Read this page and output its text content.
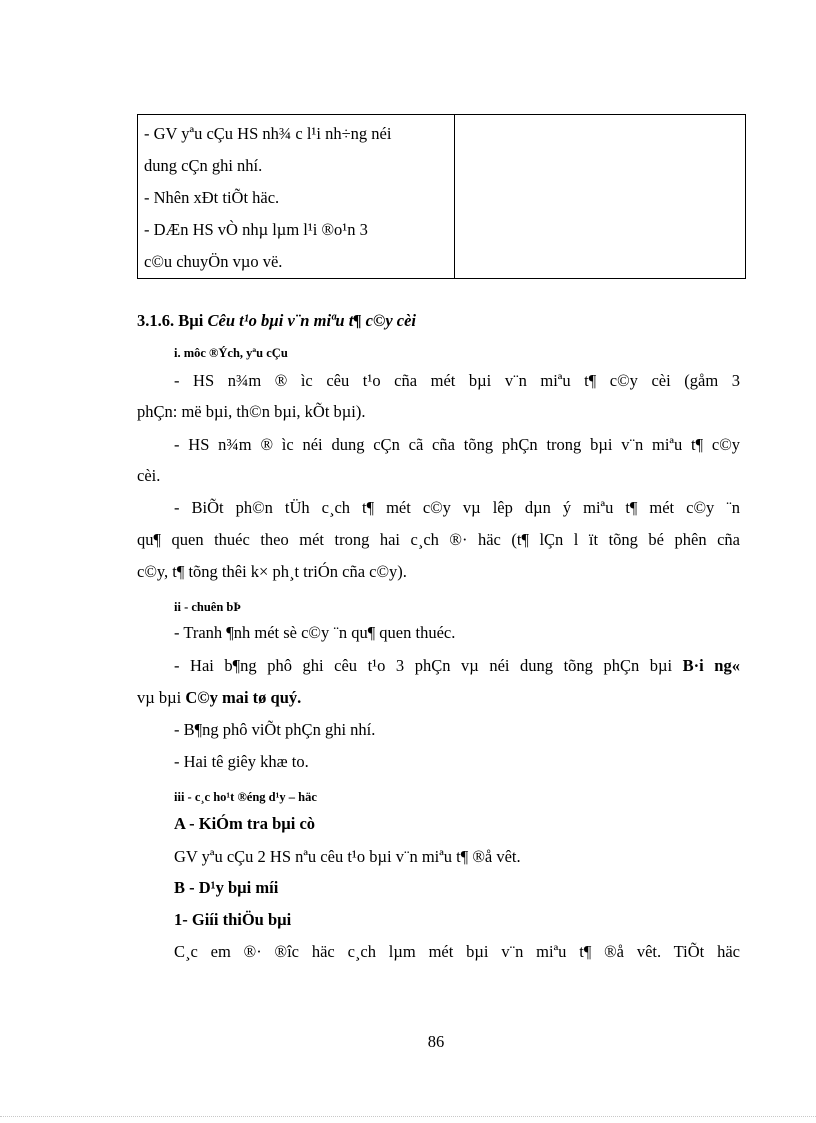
- GV yªu cÇu HS nh¾ c l¹i nh÷ng néi
dung cÇn ghi nhí.
- Nhên xÐt tiÕt häc.
- DÆn HS vÒ nhµ lµm l¹i ®o¹n 3
c©u chuyÖn vµo vë.

3.1.6. Bµi Cêu t¹o bµi v¨n miªu t¶ c©y cèi
i. môc ®Ých, yªu cÇu
- HS n¾m ® ìc cêu t¹o cña mét bµi v¨n miªu t¶ c©y cèi (gåm 3
phÇn: më bµi, th©n bµi, kÕt bµi).
- HS n¾m ® ìc néi dung cÇn cã cña tõng phÇn trong bµi v¨n miªu t¶ c©y
cèi.
- BiÕt ph©n tÜh c¸ch t¶ mét c©y vµ lêp dµn ý miªu t¶ mét c©y ¨n
qu¶ quen thuéc theo mét trong hai c¸ch ®· häc (t¶ lÇn l ït tõng bé phên cña
c©y, t¶ tõng thêi k× ph¸t triÓn cña c©y).
ii - chuên bÞ
- Tranh ¶nh mét sè c©y ¨n qu¶ quen thuéc.
- Hai b¶ng phô ghi cêu t¹o 3 phÇn vµ néi dung tõng phÇn bµi B·i ng«
vµ bµi C©y mai tø quý.
- B¶ng phô viÕt phÇn ghi nhí.
- Hai tê giêy khæ to.
iii - c¸c ho¹t ®éng d¹y – häc
A - KiÓm tra bµi cò
GV yªu cÇu 2 HS nªu cêu t¹o bµi v¨n miªu t¶ ®å vêt.
B - D¹y bµi míi
1- Giíi thiÖu bµi
C¸c em ®· ®îc häc c¸ch lµm mét bµi v¨n miªu t¶ ®å vêt. TiÕt häc
86
